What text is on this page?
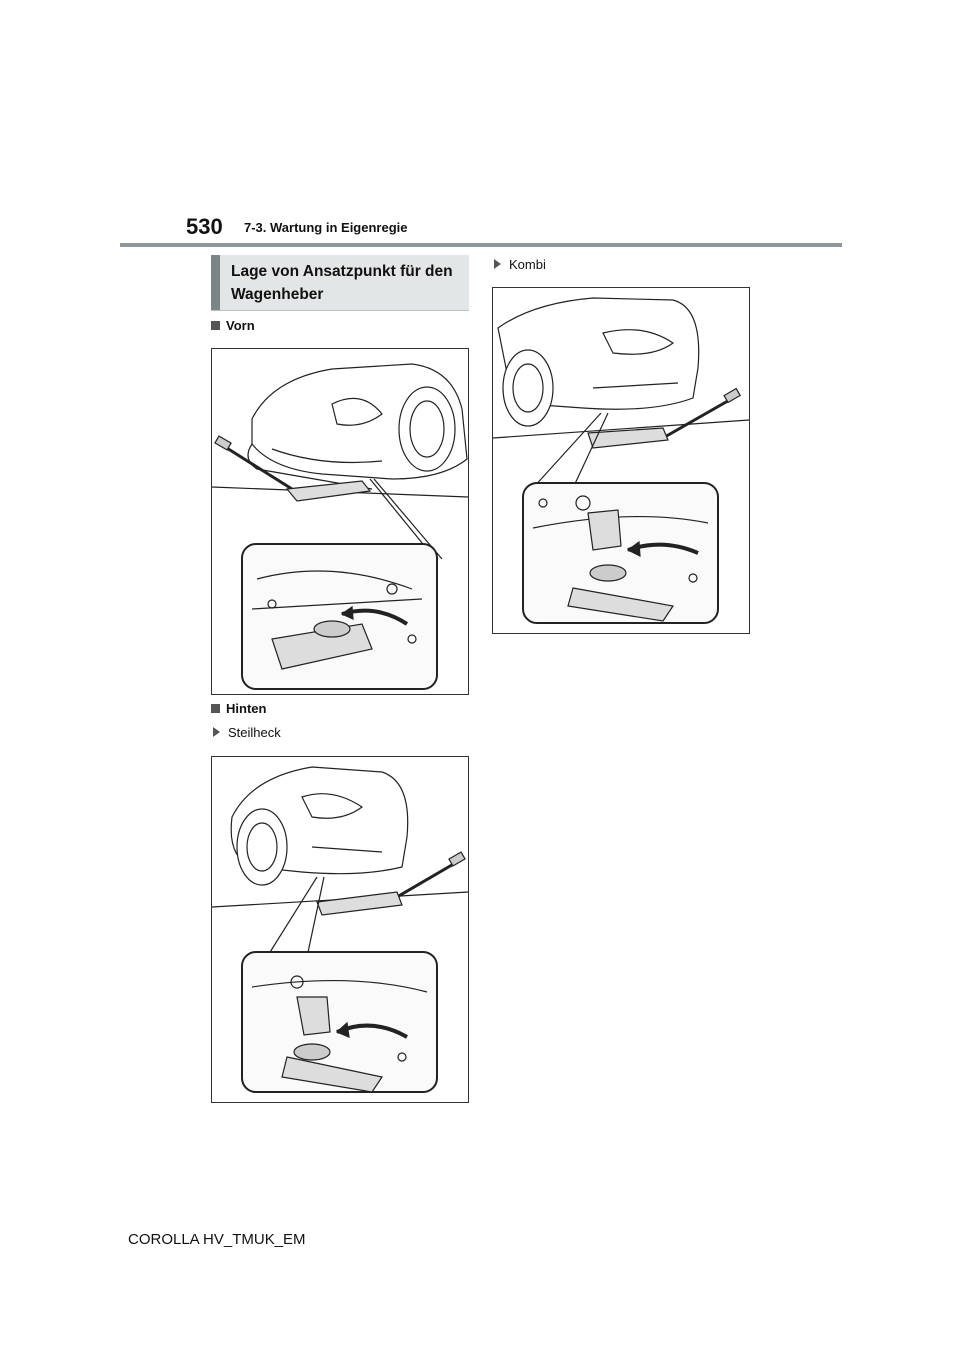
530 7-3. Wartung in Eigenregie
Lage von Ansatzpunkt für den
Wagenheber
Vorn
Hinten
Steilheck
Kombi
COROLLA HV_TMUK_EM
